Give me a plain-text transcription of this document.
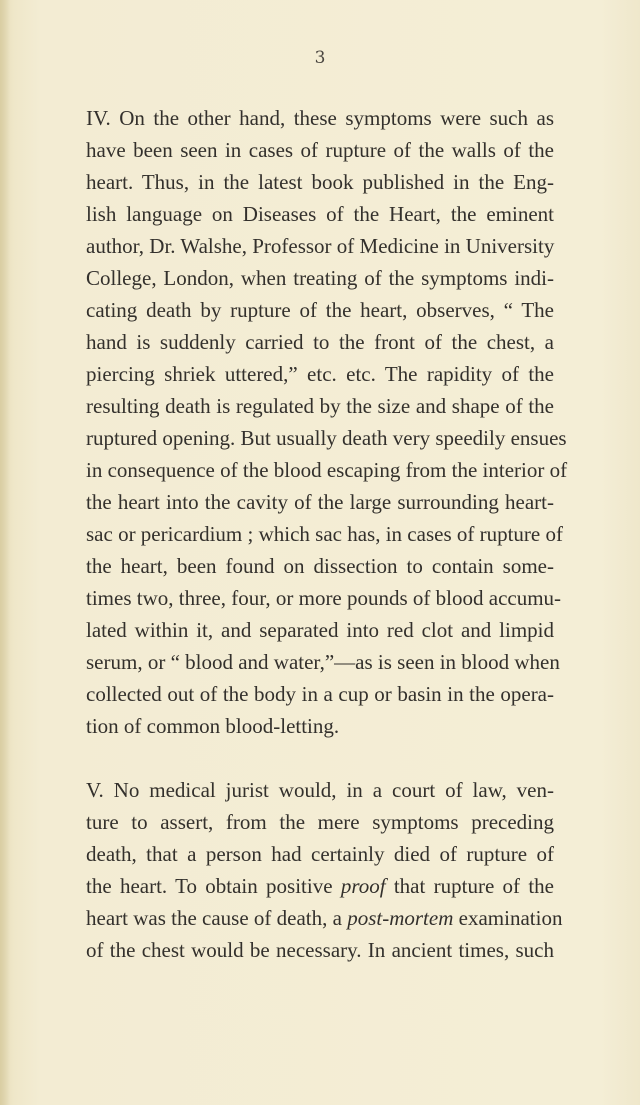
3
IV. On the other hand, these symptoms were such as
have been seen in cases of rupture of the walls of the
heart. Thus, in the latest book published in the Eng-
lish language on Diseases of the Heart, the eminent
author, Dr. Walshe, Professor of Medicine in University
College, London, when treating of the symptoms indi-
cating death by rupture of the heart, observes, “ The
hand is suddenly carried to the front of the chest, a
piercing shriek uttered,” etc. etc. The rapidity of the
resulting death is regulated by the size and shape of the
ruptured opening. But usually death very speedily ensues
in consequence of the blood escaping from the interior of
the heart into the cavity of the large surrounding heart-
sac or pericardium ; which sac has, in cases of rupture of
the heart, been found on dissection to contain some-
times two, three, four, or more pounds of blood accumu-
lated within it, and separated into red clot and limpid
serum, or “ blood and water,”—as is seen in blood when
collected out of the body in a cup or basin in the opera-
tion of common blood-letting.
V. No medical jurist would, in a court of law, ven-
ture to assert, from the mere symptoms preceding
death, that a person had certainly died of rupture of
the heart. To obtain positive proof that rupture of the
heart was the cause of death, a post-mortem examination
of the chest would be necessary. In ancient times, such
